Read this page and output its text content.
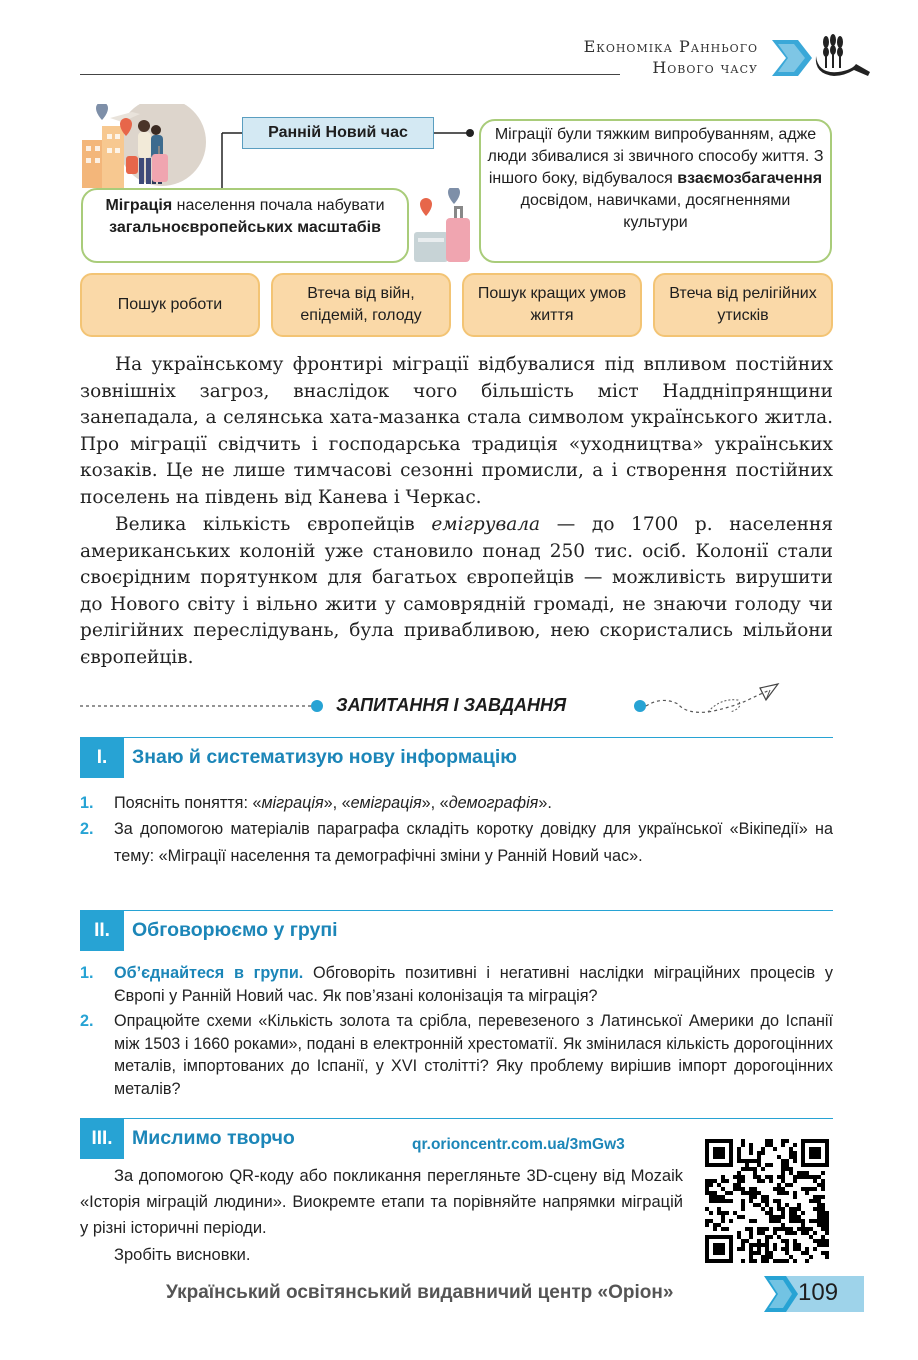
Економіка Раннього
Нового часу
Ранній Новий час
Міграція населення почала набувати загальноєвропейських масштабів
Міграції були тяжким випробуванням, адже люди збивалися зі звичного способу життя. З іншого боку, відбувалося взаємозбагачення досвідом, навичками, досягненнями культури
Пошук роботи
Втеча від війн, епідемій, голоду
Пошук кращих умов життя
Втеча від релігійних утисків

На українському фронтирі міграції відбувалися під впливом постійних зовнішніх загроз, внаслідок чого більшість міст Наддніпрянщини занепадала, а селянська хата-мазанка стала символом українського житла. Про міграції свідчить і господарська традиція «уходництва» українських козаків. Це не лише тимчасові сезонні промисли, а і створення постійних поселень на південь від Канева і Черкас.

Велика кількість європейців емігрувала — до 1700 р. населення американських колоній уже становило понад 250 тис. осіб. Колонії стали своєрідним порятунком для багатьох європейців — можливість вирушити до Нового світу і вільно жити у самоврядній громаді, не знаючи голоду чи релігійних переслідувань, була привабливою, нею скористались мільйони європейців.

ЗАПИТАННЯ І ЗАВДАННЯ
I.	Знаю й систематизую нову інформацію
1. Поясніть поняття: «міграція», «еміграція», «демографія».
2. За допомогою матеріалів параграфа складіть коротку довідку для української «Вікіпедії» на тему: «Міграції населення та демографічні зміни у Ранній Новий час».
II.	Обговорюємо у групі
1. Об’єднайтеся в групи. Обговоріть позитивні і негативні наслідки міграційних процесів у Європі у Ранній Новий час. Як пов’язані колонізація та міграція?
2. Опрацюйте схеми «Кількість золота та срібла, перевезеного з Латинської Америки до Іспанії між 1503 і 1660 роками», подані в електронній хрестоматії. Як змінилася кількість дорогоцінних металів, імпортованих до Іспанії, у XVI столітті? Яку проблему вирішив імпорт дорогоцінних металів?
III. Мислимо творчо	qr.orioncentr.com.ua/3mGw3

За допомогою QR-коду або покликання перегляньте 3D-сцену від Mozaik «Історія міграцій людини». Виокремте етапи та порівняйте напрямки міграцій у різні історичні періоди.

Зробіть висновки.

Український освітянський видавничий центр «Оріон»	109
